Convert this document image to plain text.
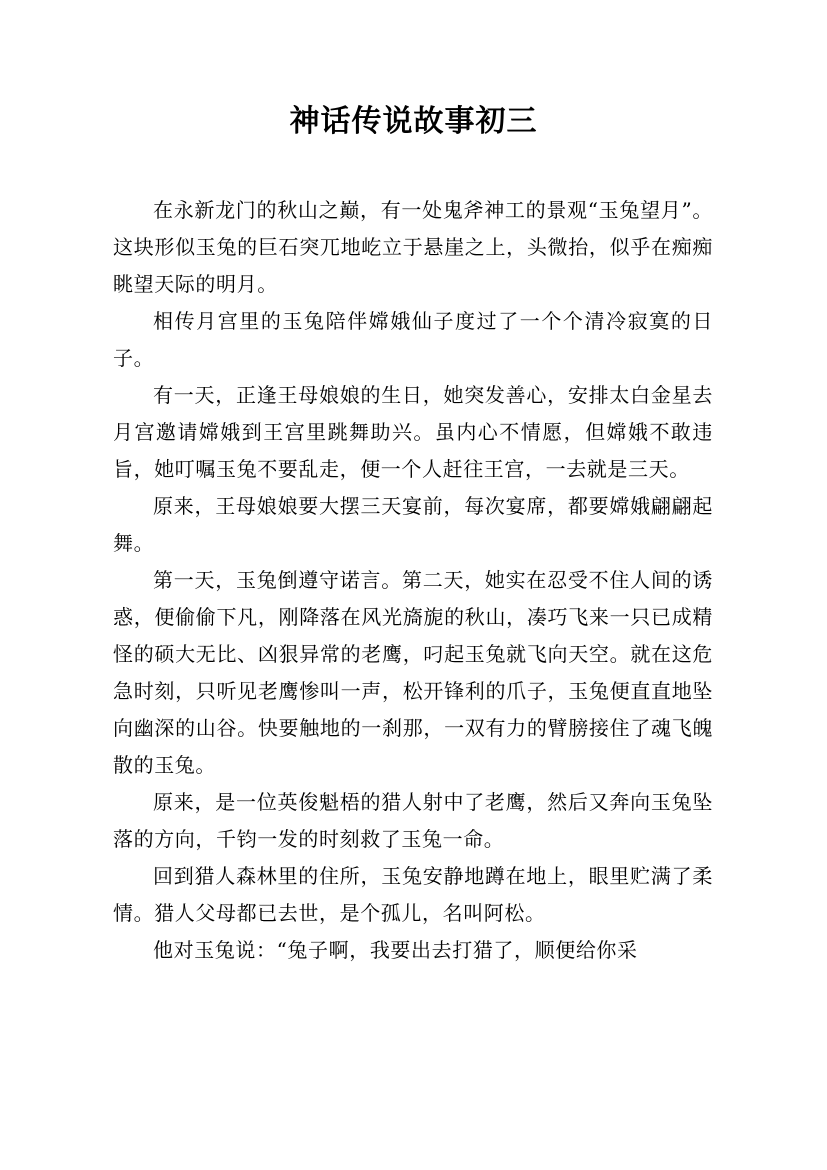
神话传说故事初三

在永新龙门的秋山之巅，有一处鬼斧神工的景观“玉兔望月”。这块形似玉兔的巨石突兀地屹立于悬崖之上，头微抬，似乎在痴痴眺望天际的明月。

相传月宫里的玉兔陪伴嫦娥仙子度过了一个个清冷寂寞的日子。

有一天，正逢王母娘娘的生日，她突发善心，安排太白金星去月宫邀请嫦娥到王宫里跳舞助兴。虽内心不情愿，但嫦娥不敢违旨，她叮嘱玉兔不要乱走，便一个人赶往王宫，一去就是三天。

原来，王母娘娘要大摆三天宴前，每次宴席，都要嫦娥翩翩起舞。

第一天，玉兔倒遵守诺言。第二天，她实在忍受不住人间的诱惑，便偷偷下凡，刚降落在风光旖旎的秋山，凑巧飞来一只已成精怪的硕大无比、凶狠异常的老鹰，叼起玉兔就飞向天空。就在这危急时刻，只听见老鹰惨叫一声，松开锋利的爪子，玉兔便直直地坠向幽深的山谷。快要触地的一刹那，一双有力的臂膀接住了魂飞魄散的玉兔。

原来，是一位英俊魁梧的猎人射中了老鹰，然后又奔向玉兔坠落的方向，千钧一发的时刻救了玉兔一命。

回到猎人森林里的住所，玉兔安静地蹲在地上，眼里贮满了柔情。猎人父母都已去世，是个孤儿，名叫阿松。

他对玉兔说：“兔子啊，我要出去打猎了，顺便给你采
